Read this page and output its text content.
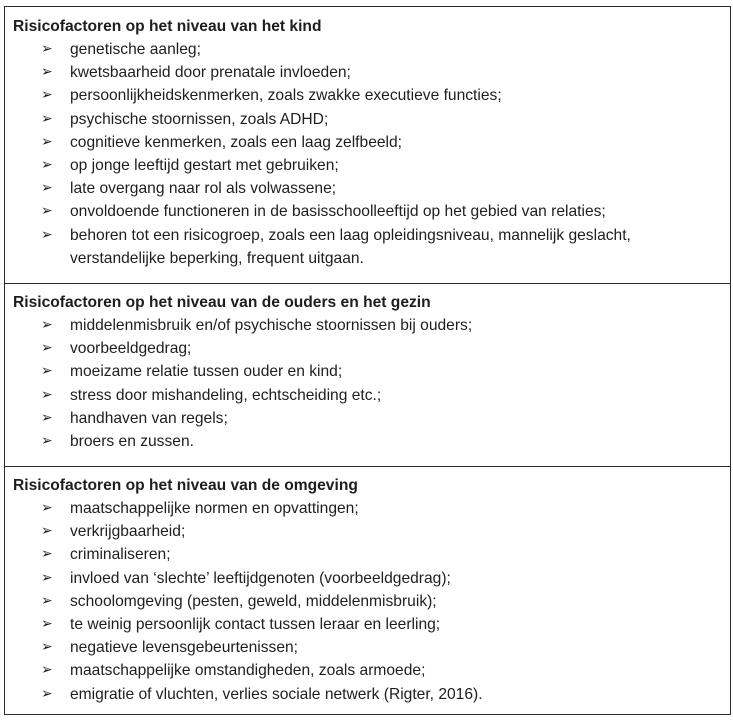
Risicofactoren op het niveau van het kind
➢ genetische aanleg;
➢ kwetsbaarheid door prenatale invloeden;
➢ persoonlijkheidskenmerken, zoals zwakke executieve functies;
➢ psychische stoornissen, zoals ADHD;
➢ cognitieve kenmerken, zoals een laag zelfbeeld;
➢ op jonge leeftijd gestart met gebruiken;
➢ late overgang naar rol als volwassene;
➢ onvoldoende functioneren in de basisschoolleeftijd op het gebied van relaties;
➢ behoren tot een risicogroep, zoals een laag opleidingsniveau, mannelijk geslacht, verstandelijke beperking, frequent uitgaan.
Risicofactoren op het niveau van de ouders en het gezin
➢ middelenmisbruik en/of psychische stoornissen bij ouders;
➢ voorbeeldgedrag;
➢ moeizame relatie tussen ouder en kind;
➢ stress door mishandeling, echtscheiding etc.;
➢ handhaven van regels;
➢ broers en zussen.
Risicofactoren op het niveau van de omgeving
➢ maatschappelijke normen en opvattingen;
➢ verkrijgbaarheid;
➢ criminaliseren;
➢ invloed van ‘slechte’ leeftijdgenoten (voorbeeldgedrag);
➢ schoolomgeving (pesten, geweld, middelenmisbruik);
➢ te weinig persoonlijk contact tussen leraar en leerling;
➢ negatieve levensgebeurtenissen;
➢ maatschappelijke omstandigheden, zoals armoede;
➢ emigratie of vluchten, verlies sociale netwerk (Rigter, 2016).
